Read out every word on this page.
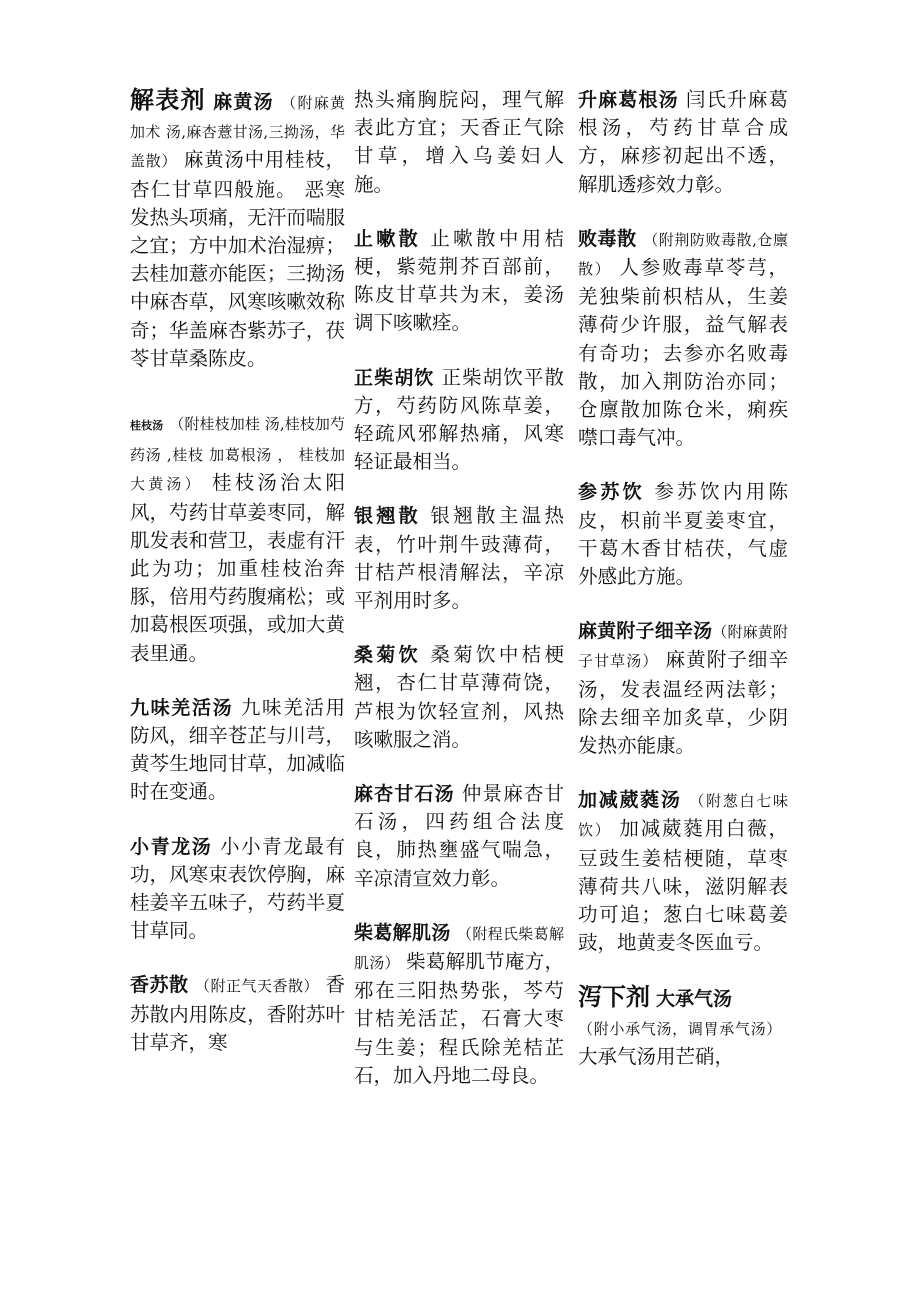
解表剂 麻黄汤 （附麻黄加术 汤,麻杏薏甘汤,三拗汤，华盖散） 麻黄汤中用桂枝，杏仁甘草四般施。 恶寒发热头项痛，无汗而喘服之宜；方中加术治湿痹；去桂加薏亦能医；三拗汤中麻杏草，风寒咳嗽效称奇；华盖麻杏紫苏子，茯苓甘草桑陈皮。
桂枝汤 （附桂枝加桂 汤,桂枝加芍药汤 ,桂枝 加葛根汤 ， 桂枝加大黄汤） 桂枝汤治太阳风，芍药甘草姜枣同，解肌发表和营卫，表虚有汗此为功；加重桂枝治奔豚，倍用芍药腹痛松；或加葛根医项强，或加大黄表里通。
九味羌活汤 九味羌活用防风，细辛苍芷与川芎，黄芩生地同甘草，加减临时在变通。
小青龙汤 小小青龙最有功，风寒束表饮停胸，麻桂姜辛五味子，芍药半夏甘草同。
香苏散 （附正气天香散） 香苏散内用陈皮，香附苏叶甘草齐，寒
热头痛胸脘闷，理气解表此方宜；天香正气除甘草，增入乌姜妇人施。
止嗽散 止嗽散中用桔梗，紫菀荆芥百部前，陈皮甘草共为末，姜汤调下咳嗽痊。
正柴胡饮 正柴胡饮平散方，芍药防风陈草姜，轻疏风邪解热痛，风寒轻证最相当。
银翘散 银翘散主温热表，竹叶荆牛豉薄荷，甘桔芦根清解法，辛凉平剂用时多。
桑菊饮 桑菊饮中桔梗翘，杏仁甘草薄荷饶，芦根为饮轻宣剂，风热咳嗽服之消。
麻杏甘石汤 仲景麻杏甘石汤，四药组合法度良，肺热壅盛气喘急，辛凉清宣效力彰。
柴葛解肌汤 （附程氏柴葛解肌汤） 柴葛解肌节庵方，邪在三阳热势张，芩芍甘桔羌活芷，石膏大枣与生姜；程氏除羌桔芷石，加入丹地二母良。
升麻葛根汤 闫氏升麻葛根汤，芍药甘草合成方，麻疹初起出不透，解肌透疹效力彰。
败毒散 （附荆防败毒散,仓廪散） 人参败毒草苓芎，羌独柴前枳桔从，生姜薄荷少许服，益气解表有奇功；去参亦名败毒散，加入荆防治亦同；仓廪散加陈仓米，痢疾噤口毒气冲。
参苏饮 参苏饮内用陈皮，枳前半夏姜枣宜，干葛木香甘桔茯，气虚外感此方施。
麻黄附子细辛汤（附麻黄附子甘草汤） 麻黄附子细辛汤，发表温经两法彰；除去细辛加炙草，少阴发热亦能康。
加减葳蕤汤 （附葱白七味饮） 加减葳蕤用白薇，豆豉生姜桔梗随，草枣薄荷共八味，滋阴解表功可追；葱白七味葛姜豉，地黄麦冬医血亏。
泻下剂 大承气汤
（附小承气汤，调胃承气汤）大承气汤用芒硝，
